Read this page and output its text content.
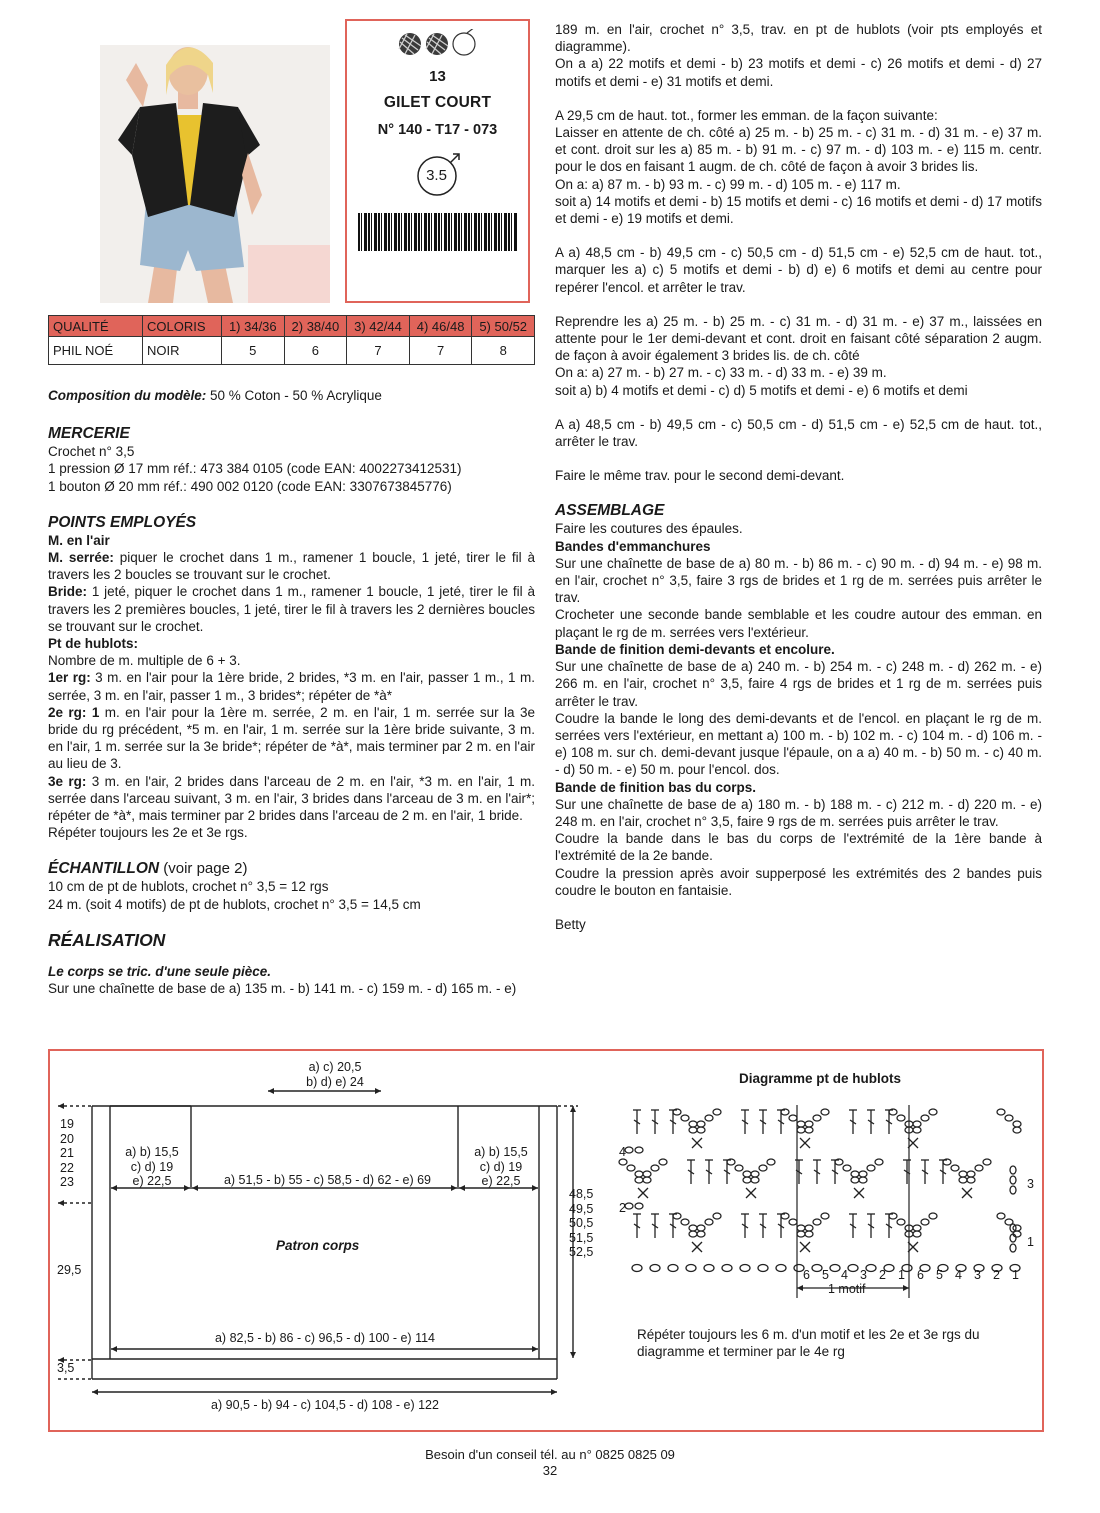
13
GILET COURT
N° 140 - T17 - 073
3.5
QUALITÉ	COLORIS	1) 34/36	2) 38/40	3) 42/44	4) 46/48	5) 50/52
PHIL NOÉ	NOIR	5	6	7	7	8

Composition du modèle: 50 % Coton - 50 % Acrylique

MERCERIE

Crochet n° 3,5

1 pression Ø 17 mm réf.: 473 384 0105 (code EAN: 4002273412531)

1 bouton Ø 20 mm réf.: 490 002 0120 (code EAN: 3307673845776)

POINTS EMPLOYÉS

M. en l'air

M. serrée: piquer le crochet dans 1 m., ramener 1 boucle, 1 jeté, tirer le fil à travers les 2 boucles se trouvant sur le crochet.

Bride: 1 jeté, piquer le crochet dans 1 m., ramener 1 boucle, 1 jeté, tirer le fil à travers les 2 premières boucles, 1 jeté, tirer le fil à travers les 2 dernières boucles se trouvant sur le crochet.

Pt de hublots:

Nombre de m. multiple de 6 + 3.

1er rg: 3 m. en l'air pour la 1ère bride, 2 brides, *3 m. en l'air, passer 1 m., 1 m. serrée, 3 m. en l'air, passer 1 m., 3 brides*; répéter de *à*

2e rg: 1 m. en l'air pour la 1ère m. serrée, 2 m. en l'air, 1 m. serrée sur la 3e bride du rg précédent, *5 m. en l'air, 1 m. serrée sur la 1ère bride suivante, 3 m. en l'air, 1 m. serrée sur la 3e bride*; répéter de *à*, mais terminer par 2 m. en l'air au lieu de 3.

3e rg: 3 m. en l'air, 2 brides dans l'arceau de 2 m. en l'air, *3 m. en l'air, 1 m. serrée dans l'arceau suivant, 3 m. en l'air, 3 brides dans l'arceau de 3 m. en l'air*; répéter de *à*, mais terminer par 2 brides dans l'arceau de 2 m. en l'air, 1 bride.

Répéter toujours les 2e et 3e rgs.

ÉCHANTILLON (voir page 2)

10 cm de pt de hublots, crochet n° 3,5 = 12 rgs

24 m. (soit 4 motifs) de pt de hublots, crochet n° 3,5 = 14,5 cm

RÉALISATION

Le corps se tric. d'une seule pièce.

Sur une chaînette de base de a) 135 m. - b) 141 m. - c) 159 m. - d) 165 m. - e)

189 m. en l'air, crochet n° 3,5, trav. en pt de hublots (voir pts employés et diagramme).

On a a) 22 motifs et demi - b) 23 motifs et demi - c) 26 motifs et demi - d) 27 motifs et demi - e) 31 motifs et demi.

A 29,5 cm de haut. tot., former les emman. de la façon suivante:

Laisser en attente de ch. côté a) 25 m. - b) 25 m. - c) 31 m. - d) 31 m. - e) 37 m. et cont. droit sur les a) 85 m. - b) 91 m. - c) 97 m. - d) 103 m. - e) 115 m. centr. pour le dos en faisant 1 augm. de ch. côté de façon à avoir 3 brides lis.

On a: a) 87 m. - b) 93 m. - c) 99 m. - d) 105 m. - e) 117 m.

soit a) 14 motifs et demi - b) 15 motifs et demi - c) 16 motifs et demi - d) 17 motifs et demi - e) 19 motifs et demi.

A a) 48,5 cm - b) 49,5 cm - c) 50,5 cm - d) 51,5 cm - e) 52,5 cm de haut. tot., marquer les a) c) 5 motifs et demi - b) d) e) 6 motifs et demi au centre pour repérer l'encol. et arrêter le trav.

Reprendre les a) 25 m. - b) 25 m. - c) 31 m. - d) 31 m. - e) 37 m., laissées en attente pour le 1er demi-devant et cont. droit en faisant côté séparation 2 augm. de façon à avoir également 3 brides lis. de ch. côté

On a: a) 27 m. - b) 27 m. - c) 33 m. - d) 33 m. - e) 39 m.

soit a) b) 4 motifs et demi - c) d) 5 motifs et demi - e) 6 motifs et demi

A a) 48,5 cm - b) 49,5 cm - c) 50,5 cm - d) 51,5 cm - e) 52,5 cm de haut. tot., arrêter le trav.

Faire le même trav. pour le second demi-devant.

ASSEMBLAGE

Faire les coutures des épaules.

Bandes d'emmanchures

Sur une chaînette de base de a) 80 m. - b) 86 m. - c) 90 m. - d) 94 m. - e) 98 m. en l'air, crochet n° 3,5, faire 3 rgs de brides et 1 rg de m. serrées puis arrêter le trav.

Crocheter une seconde bande semblable et les coudre autour des emman. en plaçant le rg de m. serrées vers l'extérieur.

Bande de finition demi-devants et encolure.

Sur une chaînette de base de a) 240 m. - b) 254 m. - c) 248 m. - d) 262 m. - e) 266 m. en l'air, crochet n° 3,5, faire 4 rgs de brides et 1 rg de m. serrées puis arrêter le trav.

Coudre la bande le long des demi-devants et de l'encol. en plaçant le rg de m. serrées vers l'extérieur, en mettant a) 100 m. - b) 102 m. - c) 104 m. - d) 106 m. - e) 108 m. sur ch. demi-devant jusque l'épaule, on a a) 40 m. - b) 50 m. - c) 40 m. - d) 50 m. - e) 50 m. pour l'encol. dos.

Bande de finition bas du corps.

Sur une chaînette de base de a) 180 m. - b) 188 m. - c) 212 m. - d) 220 m. - e) 248 m. en l'air, crochet n° 3,5, faire 9 rgs de m. serrées puis arrêter le trav.

Coudre la bande dans le bas du corps de l'extrémité de la 1ère bande à l'extrémité de la 2e bande.

Coudre la pression après avoir supperposé les extrémités des 2 bandes puis coudre le bouton en fantaisie.

Betty

a) c) 20,5
b) d) e) 24
19
20
21
22
23
a) b) 15,5
c) d) 19
e) 22,5
a) b) 15,5
c) d) 19
e) 22,5
a) 51,5 - b) 55 - c) 58,5 - d) 62 - e) 69
48,5
49,5
50,5
51,5
52,5
29,5
Patron corps
a) 82,5 - b) 86 - c) 96,5 - d) 100 - e) 114
3,5
a) 90,5 - b) 94 - c) 104,5 - d) 108 - e) 122
Diagramme pt de hublots
4
2
3
1
6 5 4 3 2 1 6 5 4 3 2 1
1 motif
Répéter toujours les 6 m. d'un motif et les 2e et 3e rgs du diagramme et terminer par le 4e rg
Besoin d'un conseil tél. au n° 0825 0825 09
32
